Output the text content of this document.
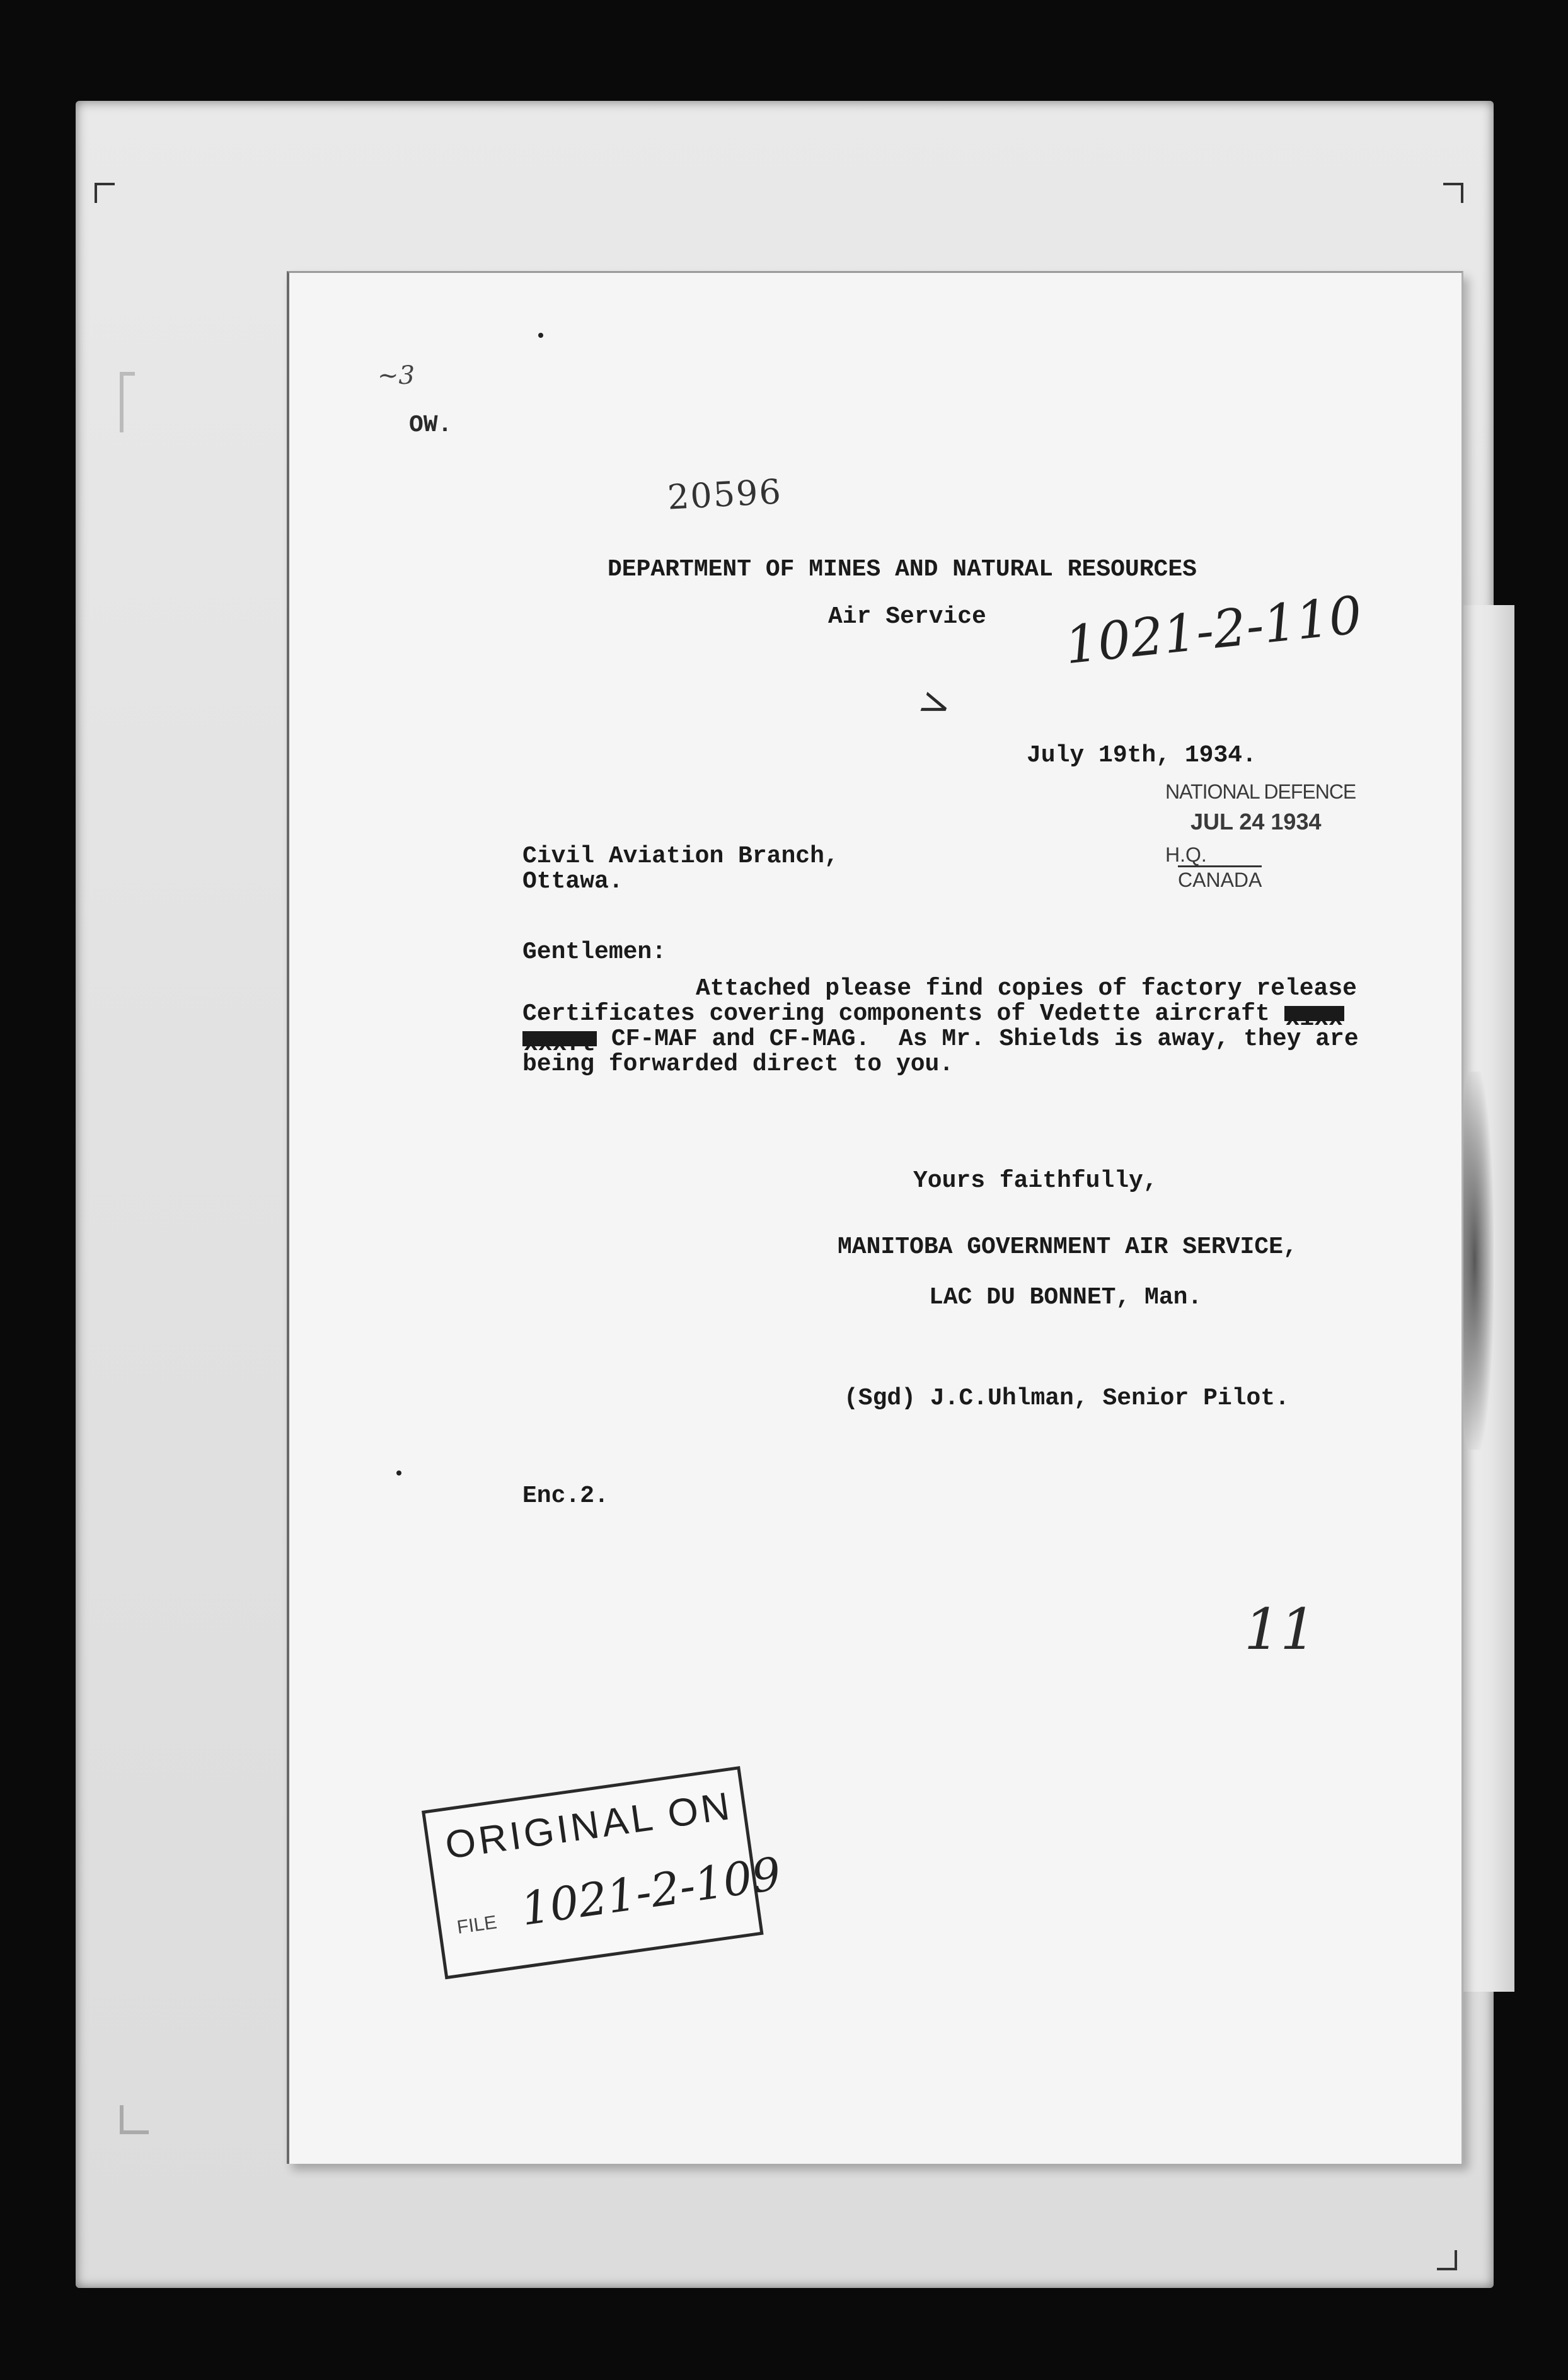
~3
OW.
20596
DEPARTMENT OF MINES AND NATURAL RESOURCES
Air Service 1021-2-110
>
July 19th, 1934.
NATIONAL DEFENCE
JUL 24 1934
H.Q.
CANADA
Civil Aviation Branch,
Ottawa.
Gentlemen:
Attached please find copies of factory release
Certificates covering components of Vedette aircraft xixx
xxxft CF-MAF and CF-MAG.  As Mr. Shields is away, they are
being forwarded direct to you.
Yours faithfully,
MANITOBA GOVERNMENT AIR SERVICE,
LAC DU BONNET, Man.
(Sgd) J.C.Uhlman, Senior Pilot.
Enc.2.
11
ORIGINAL ON
FILE 1021-2-109
